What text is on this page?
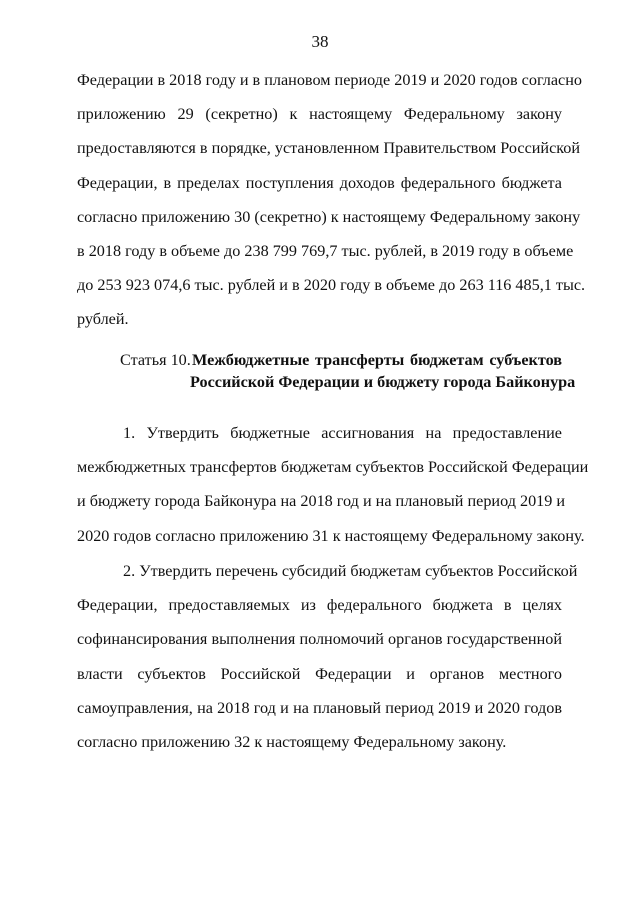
38
Федерации в 2018 году и в плановом периоде 2019 и 2020 годов согласно
приложению 29 (секретно) к настоящему Федеральному закону
предоставляются в порядке, установленном Правительством Российской
Федерации, в пределах поступления доходов федерального бюджета
согласно приложению 30 (секретно) к настоящему Федеральному закону
в 2018 году в объеме до 238 799 769,7 тыс. рублей, в 2019 году в объеме
до 253 923 074,6 тыс. рублей и в 2020 году в объеме до 263 116 485,1 тыс.
рублей.
Статья 10.Межбюджетные трансферты бюджетам субъектов
Российской Федерации и бюджету города Байконура
1. Утвердить бюджетные ассигнования на предоставление
межбюджетных трансфертов бюджетам субъектов Российской Федерации
и бюджету города Байконура на 2018 год и на плановый период 2019 и
2020 годов согласно приложению 31 к настоящему Федеральному закону.
2. Утвердить перечень субсидий бюджетам субъектов Российской
Федерации, предоставляемых из федерального бюджета в целях
софинансирования выполнения полномочий органов государственной
власти субъектов Российской Федерации и органов местного
самоуправления, на 2018 год и на плановый период 2019 и 2020 годов
согласно приложению 32 к настоящему Федеральному закону.
